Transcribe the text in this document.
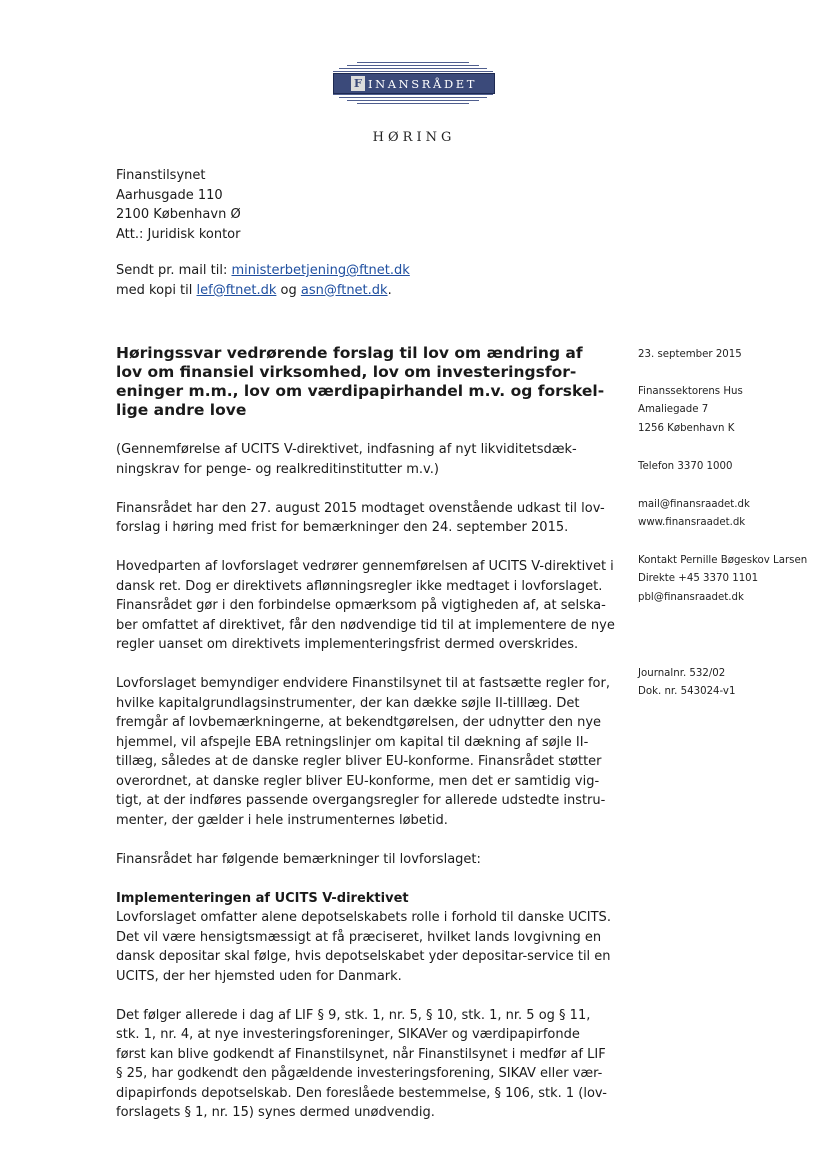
F INANSRÅDET
HØRING
Finanstilsynet
Aarhusgade 110
2100 København Ø
Att.: Juridisk kontor
Sendt pr. mail til: ministerbetjening@ftnet.dk
med kopi til lef@ftnet.dk og asn@ftnet.dk.
Høringssvar vedrørende forslag til lov om ændring af
lov om finansiel virksomhed, lov om investeringsfor-
eninger m.m., lov om værdipapirhandel m.v. og forskel-
lige andre love
(Gennemførelse af UCITS V-direktivet, indfasning af nyt likviditetsdæk-
ningskrav for penge- og realkreditinstitutter m.v.)
Finansrådet har den 27. august 2015 modtaget ovenstående udkast til lov-
forslag i høring med frist for bemærkninger den 24. september 2015.
Hovedparten af lovforslaget vedrører gennemførelsen af UCITS V-direktivet i
dansk ret. Dog er direktivets aflønningsregler ikke medtaget i lovforslaget.
Finansrådet gør i den forbindelse opmærksom på vigtigheden af, at selska-
ber omfattet af direktivet, får den nødvendige tid til at implementere de nye
regler uanset om direktivets implementeringsfrist dermed overskrides.
Lovforslaget bemyndiger endvidere Finanstilsynet til at fastsætte regler for,
hvilke kapitalgrundlagsinstrumenter, der kan dække søjle II-tilllæg. Det
fremgår af lovbemærkningerne, at bekendtgørelsen, der udnytter den nye
hjemmel, vil afspejle EBA retningslinjer om kapital til dækning af søjle II-
tillæg, således at de danske regler bliver EU-konforme. Finansrådet støtter
overordnet, at danske regler bliver EU-konforme, men det er samtidig vig-
tigt, at der indføres passende overgangsregler for allerede udstedte instru-
menter, der gælder i hele instrumenternes løbetid.
Finansrådet har følgende bemærkninger til lovforslaget:
Implementeringen af UCITS V-direktivet
Lovforslaget omfatter alene depotselskabets rolle i forhold til danske UCITS.
Det vil være hensigtsmæssigt at få præciseret, hvilket lands lovgivning en
dansk depositar skal følge, hvis depotselskabet yder depositar-service til en
UCITS, der her hjemsted uden for Danmark.
Det følger allerede i dag af LIF § 9, stk. 1, nr. 5, § 10, stk. 1, nr. 5 og § 11,
stk. 1, nr. 4, at nye investeringsforeninger, SIKAVer og værdipapirfonde
først kan blive godkendt af Finanstilsynet, når Finanstilsynet i medfør af LIF
§ 25, har godkendt den pågældende investeringsforening, SIKAV eller vær-
dipapirfonds depotselskab. Den foreslåede bestemmelse, § 106, stk. 1 (lov-
forslagets § 1, nr. 15) synes dermed unødvendig.
23. september 2015
Finanssektorens Hus
Amaliegade 7
1256 København K
Telefon 3370 1000
mail@finansraadet.dk
www.finansraadet.dk
Kontakt Pernille Bøgeskov Larsen
Direkte +45 3370 1101
pbl@finansraadet.dk
Journalnr. 532/02
Dok. nr. 543024-v1
